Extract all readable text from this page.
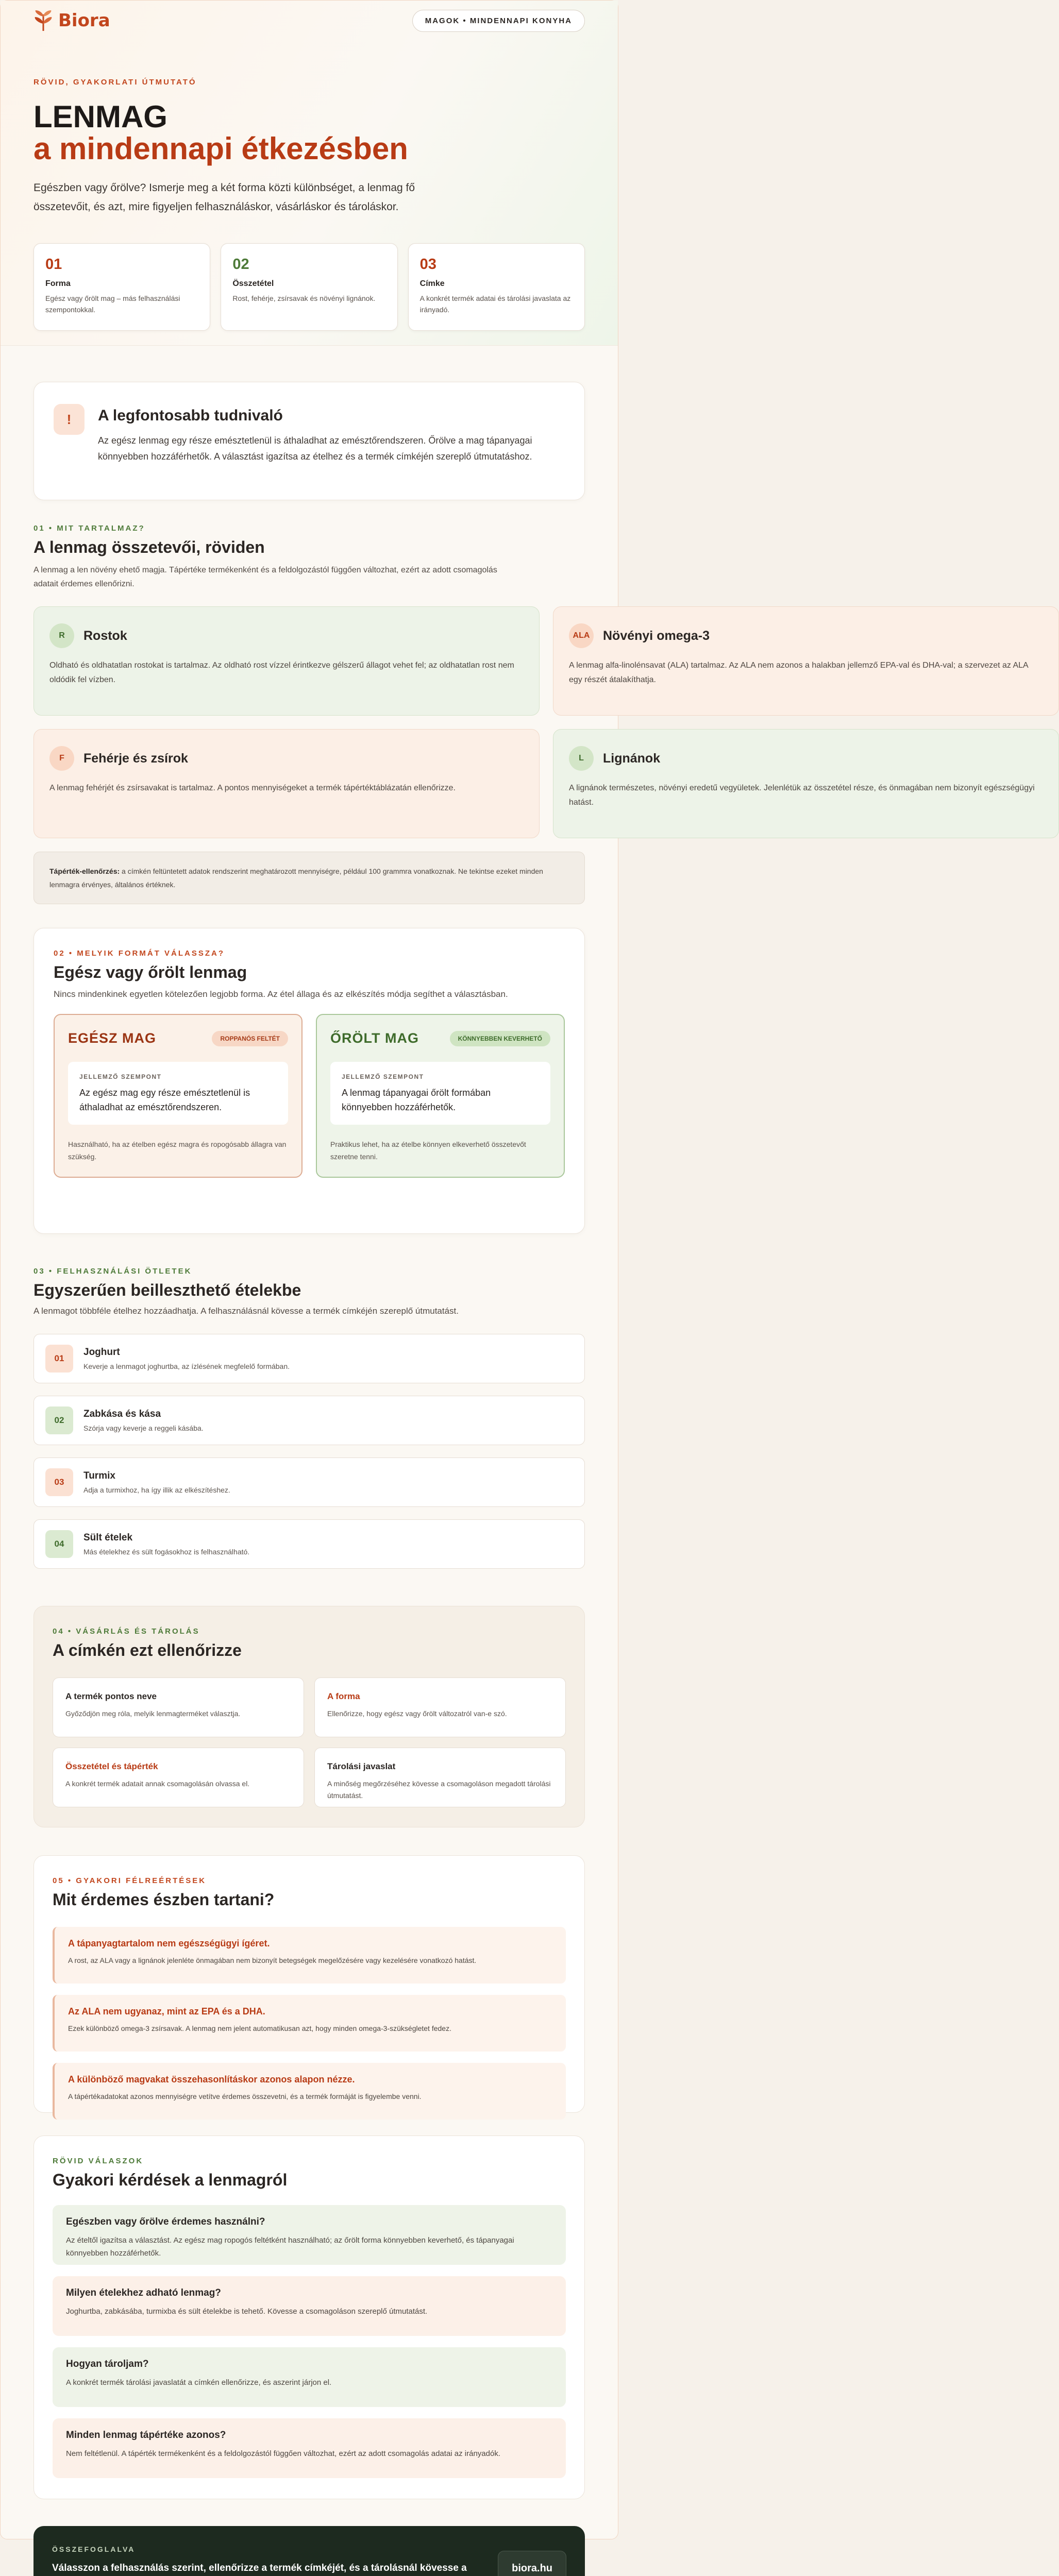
Biora	MAGOK • MINDENNAPI KONYHA
RÖVID, GYAKORLATI ÚTMUTATÓ
LENMAG
a mindennapi étkezésben

Egészben vagy őrölve? Ismerje meg a két forma közti különbséget, a lenmag fő összetevőit, és azt, mire figyeljen felhasználáskor, vásárláskor és tároláskor.

01
Forma
Egész vagy őrölt mag – más felhasználási szempontokkal.
02
Összetétel
Rost, fehérje, zsírsavak és növényi lignánok.
03
Címke
A konkrét termék adatai és tárolási javaslata az irányadó.
!	A legfontosabb tudnivaló

Az egész lenmag egy része emésztetlenül is áthaladhat az emésztőrendszeren. Őrölve a mag tápanyagai könnyebben hozzáférhetők. A választást igazítsa az ételhez és a termék címkéjén szereplő útmutatáshoz.

01 • MIT TARTALMAZ?
A lenmag összetevői, röviden

A lenmag a len növény ehető magja. Tápértéke termékenként és a feldolgozástól függően változhat, ezért az adott csomagolás adatait érdemes ellenőrizni.

R	Rostok

Oldható és oldhatatlan rostokat is tartalmaz. Az oldható rost vízzel érintkezve gélszerű állagot vehet fel; az oldhatatlan rost nem oldódik fel vízben.

ALA	Növényi omega-3

A lenmag alfa-linolénsavat (ALA) tartalmaz. Az ALA nem azonos a halakban jellemző EPA-val és DHA-val; a szervezet az ALA egy részét átalakíthatja.

F	Fehérje és zsírok

A lenmag fehérjét és zsírsavakat is tartalmaz. A pontos mennyiségeket a termék tápértéktáblázatán ellenőrizze.

L	Lignánok

A lignánok természetes, növényi eredetű vegyületek. Jelenlétük az összetétel része, és önmagában nem bizonyít egészségügyi hatást.

Tápérték-ellenőrzés: a címkén feltüntetett adatok rendszerint meghatározott mennyiségre, például 100 grammra vonatkoznak. Ne tekintse ezeket minden lenmagra érvényes, általános értéknek.
02 • MELYIK FORMÁT VÁLASSZA?
Egész vagy őrölt lenmag

Nincs mindenkinek egyetlen kötelezően legjobb forma. Az étel állaga és az elkészítés módja segíthet a választásban.

EGÉSZ MAG	ROPPANÓS FELTÉT
JELLEMZŐ SZEMPONT
Az egész mag egy része emésztetlenül is áthaladhat az emésztőrendszeren.

Használható, ha az ételben egész magra és ropogósabb állagra van szükség.

ŐRÖLT MAG	KÖNNYEBBEN KEVERHETŐ
JELLEMZŐ SZEMPONT
A lenmag tápanyagai őrölt formában könnyebben hozzáférhetők.

Praktikus lehet, ha az ételbe könnyen elkeverhető összetevőt szeretne tenni.

03 • FELHASZNÁLÁSI ÖTLETEK
Egyszerűen beilleszthető ételekbe

A lenmagot többféle ételhez hozzáadhatja. A felhasználásnál kövesse a termék címkéjén szereplő útmutatást.

01
Joghurt

Keverje a lenmagot joghurtba, az ízlésének megfelelő formában.

02
Zabkása és kása

Szórja vagy keverje a reggeli kásába.

03
Turmix

Adja a turmixhoz, ha így illik az elkészítéshez.

04
Sült ételek

Más ételekhez és sült fogásokhoz is felhasználható.

04 • VÁSÁRLÁS ÉS TÁROLÁS
A címkén ezt ellenőrizze
A termék pontos neve

Győződjön meg róla, melyik lenmagterméket választja.

A forma

Ellenőrizze, hogy egész vagy őrölt változatról van-e szó.

Összetétel és tápérték

A konkrét termék adatait annak csomagolásán olvassa el.

Tárolási javaslat

A minőség megőrzéséhez kövesse a csomagoláson megadott tárolási útmutatást.

05 • GYAKORI FÉLREÉRTÉSEK
Mit érdemes észben tartani?
A tápanyagtartalom nem egészségügyi ígéret.

A rost, az ALA vagy a lignánok jelenléte önmagában nem bizonyít betegségek megelőzésére vagy kezelésére vonatkozó hatást.

Az ALA nem ugyanaz, mint az EPA és a DHA.

Ezek különböző omega-3 zsírsavak. A lenmag nem jelent automatikusan azt, hogy minden omega-3-szükségletet fedez.

A különböző magvakat összehasonlításkor azonos alapon nézze.

A tápértékadatokat azonos mennyiségre vetítve érdemes összevetni, és a termék formáját is figyelembe venni.

RÖVID VÁLASZOK
Gyakori kérdések a lenmagról
Egészben vagy őrölve érdemes használni?

Az ételtől igazítsa a választást. Az egész mag ropogós feltétként használható; az őrölt forma könnyebben keverhető, és tápanyagai könnyebben hozzáférhetők.

Milyen ételekhez adható lenmag?

Joghurtba, zabkásába, turmixba és sült ételekbe is tehető. Kövesse a csomagoláson szereplő útmutatást.

Hogyan tároljam?

A konkrét termék tárolási javaslatát a címkén ellenőrizze, és aszerint járjon el.

Minden lenmag tápértéke azonos?

Nem feltétlenül. A tápérték termékenként és a feldolgozástól függően változhat, ezért az adott csomagolás adatai az irányadók.

ÖSSZEFOGLALVA

Válasszon a felhasználás szerint, ellenőrizze a termék címkéjét, és a tárolásnál kövesse a	biora.hu
